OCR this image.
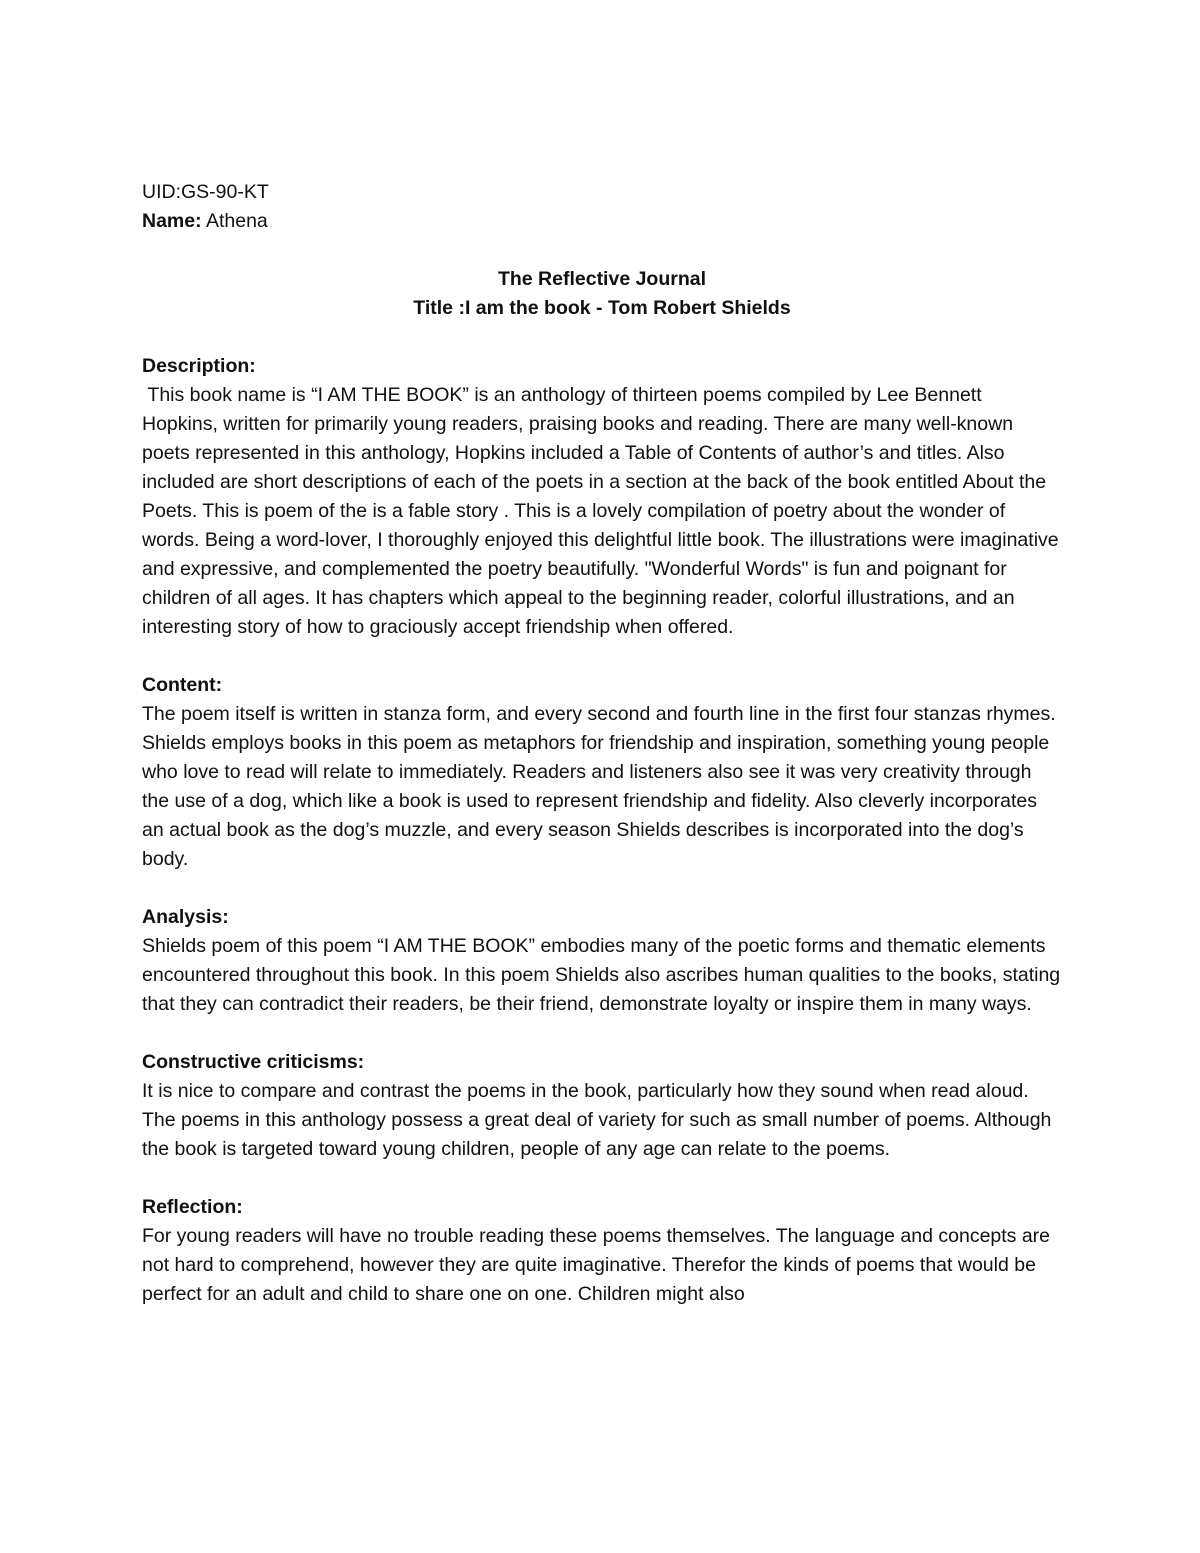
UID:GS-90-KT

Name: Athena

The Reflective Journal
Title :I am the book - Tom Robert Shields

Description:

This book name is “I AM THE BOOK” is an anthology of thirteen poems compiled by Lee Bennett Hopkins, written for primarily young readers, praising books and reading. There are many well-known poets represented in this anthology, Hopkins included a Table of Contents of author’s and titles. Also included are short descriptions of each of the poets in a section at the back of the book entitled About the Poets. This is poem of the is a fable story . This is a lovely compilation of poetry about the wonder of words. Being a word-lover, I thoroughly enjoyed this delightful little book. The illustrations were imaginative and expressive, and complemented the poetry beautifully. "Wonderful Words" is fun and poignant for children of all ages. It has chapters which appeal to the beginning reader, colorful illustrations, and an interesting story of how to graciously accept friendship when offered.

Content:

The poem itself is written in stanza form, and every second and fourth line in the first four stanzas rhymes. Shields employs books in this poem as metaphors for friendship and inspiration, something young people who love to read will relate to immediately. Readers and listeners also see it was very creativity through the use of a dog, which like a book is used to represent friendship and fidelity. Also cleverly incorporates an actual book as the dog’s muzzle, and every season Shields describes is incorporated into the dog’s body.

Analysis:

Shields poem of this poem “I AM THE BOOK” embodies many of the poetic forms and thematic elements encountered throughout this book. In this poem Shields also ascribes human qualities to the books, stating that they can contradict their readers, be their friend, demonstrate loyalty or inspire them in many ways.

Constructive criticisms:

It is nice to compare and contrast the poems in the book, particularly how they sound when read aloud. The poems in this anthology possess a great deal of variety for such as small number of poems. Although the book is targeted toward young children, people of any age can relate to the poems.

Reflection:

For young readers will have no trouble reading these poems themselves. The language and concepts are not hard to comprehend, however they are quite imaginative. Therefor the kinds of poems that would be perfect for an adult and child to share one on one. Children might also
